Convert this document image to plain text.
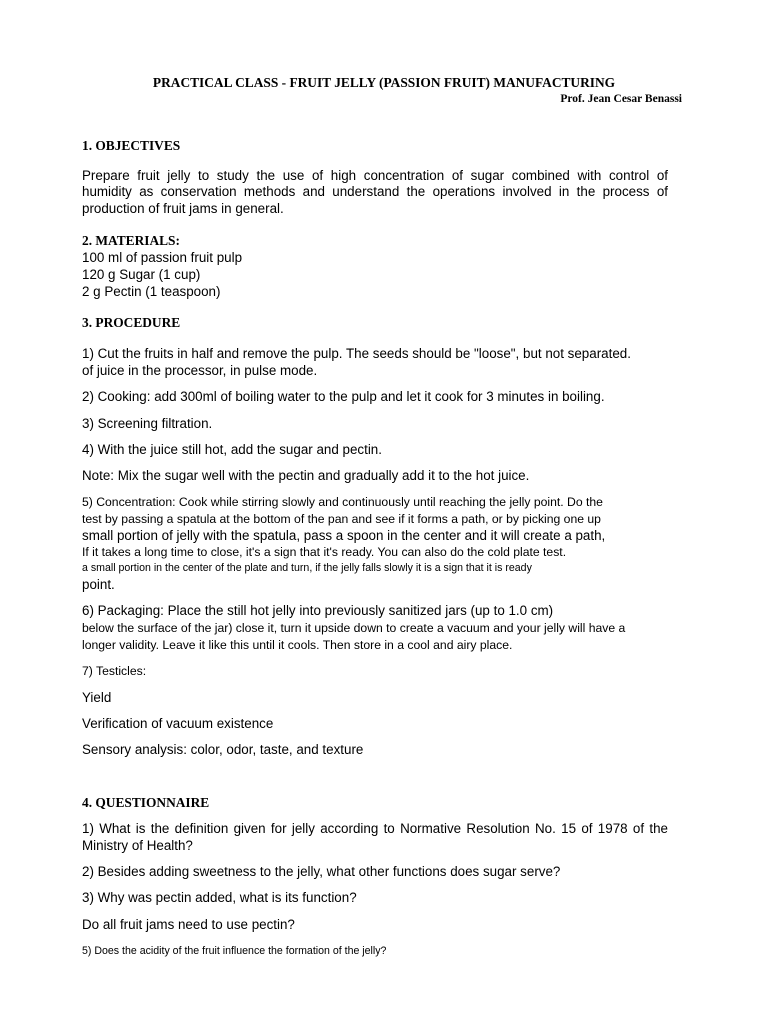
PRACTICAL CLASS - FRUIT JELLY (PASSION FRUIT) MANUFACTURING
Prof. Jean Cesar Benassi
1. OBJECTIVES
Prepare fruit jelly to study the use of high concentration of sugar combined with control of
humidity as conservation methods and understand the operations involved in the process of
production of fruit jams in general.
2. MATERIALS:
100 ml of passion fruit pulp
120 g Sugar (1 cup)
2 g Pectin (1 teaspoon)
3. PROCEDURE
1) Cut the fruits in half and remove the pulp. The seeds should be "loose", but not separated.
of juice in the processor, in pulse mode.
2) Cooking: add 300ml of boiling water to the pulp and let it cook for 3 minutes in boiling.
3) Screening filtration.
4) With the juice still hot, add the sugar and pectin.
Note: Mix the sugar well with the pectin and gradually add it to the hot juice.
5) Concentration: Cook while stirring slowly and continuously until reaching the jelly point. Do the
test by passing a spatula at the bottom of the pan and see if it forms a path, or by picking one up
small portion of jelly with the spatula, pass a spoon in the center and it will create a path,
If it takes a long time to close, it's a sign that it's ready. You can also do the cold plate test.
a small portion in the center of the plate and turn, if the jelly falls slowly it is a sign that it is ready
point.
6) Packaging: Place the still hot jelly into previously sanitized jars (up to 1.0 cm)
below the surface of the jar) close it, turn it upside down to create a vacuum and your jelly will have a
longer validity. Leave it like this until it cools. Then store in a cool and airy place.
7) Testicles:
Yield
Verification of vacuum existence
Sensory analysis: color, odor, taste, and texture
4. QUESTIONNAIRE
1) What is the definition given for jelly according to Normative Resolution No. 15 of 1978 of the
Ministry of Health?
2) Besides adding sweetness to the jelly, what other functions does sugar serve?
3) Why was pectin added, what is its function?
Do all fruit jams need to use pectin?
5) Does the acidity of the fruit influence the formation of the jelly?
